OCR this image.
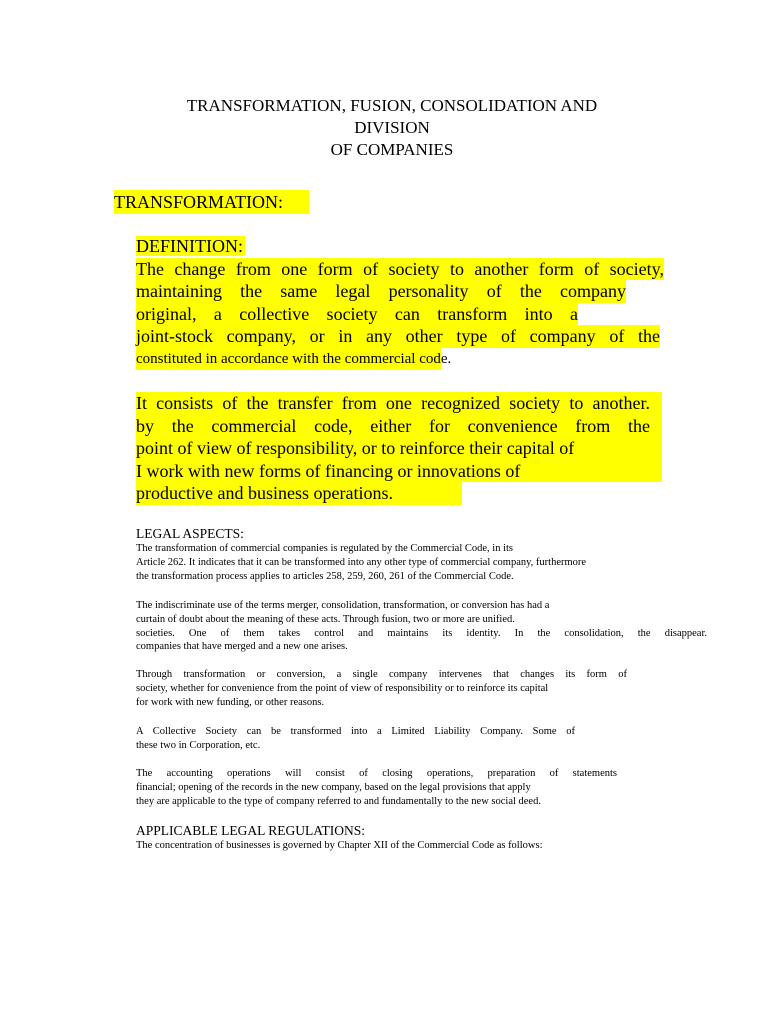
TRANSFORMATION, FUSION, CONSOLIDATION AND
DIVISION
OF COMPANIES
TRANSFORMATION:
DEFINITION:
The change from one form of society to another form of society,
maintaining the same legal personality of the company
original, a collective society can transform into a
joint-stock company, or in any other type of company of the
constituted in accordance with the commercial code.
It consists of the transfer from one recognized society to another.
by the commercial code, either for convenience from the
point of view of responsibility, or to reinforce their capital of
I work with new forms of financing or innovations of
productive and business operations.
LEGAL ASPECTS:
The transformation of commercial companies is regulated by the Commercial Code, in its
Article 262. It indicates that it can be transformed into any other type of commercial company, furthermore
the transformation process applies to articles 258, 259, 260, 261 of the Commercial Code.
The indiscriminate use of the terms merger, consolidation, transformation, or conversion has had a
curtain of doubt about the meaning of these acts. Through fusion, two or more are unified.
societies. One of them takes control and maintains its identity. In the consolidation, the disappear.
companies that have merged and a new one arises.
Through transformation or conversion, a single company intervenes that changes its form of
society, whether for convenience from the point of view of responsibility or to reinforce its capital
for work with new funding, or other reasons.
A Collective Society can be transformed into a Limited Liability Company. Some of
these two in Corporation, etc.
The accounting operations will consist of closing operations, preparation of statements
financial; opening of the records in the new company, based on the legal provisions that apply
they are applicable to the type of company referred to and fundamentally to the new social deed.
APPLICABLE LEGAL REGULATIONS:
The concentration of businesses is governed by Chapter XII of the Commercial Code as follows:
